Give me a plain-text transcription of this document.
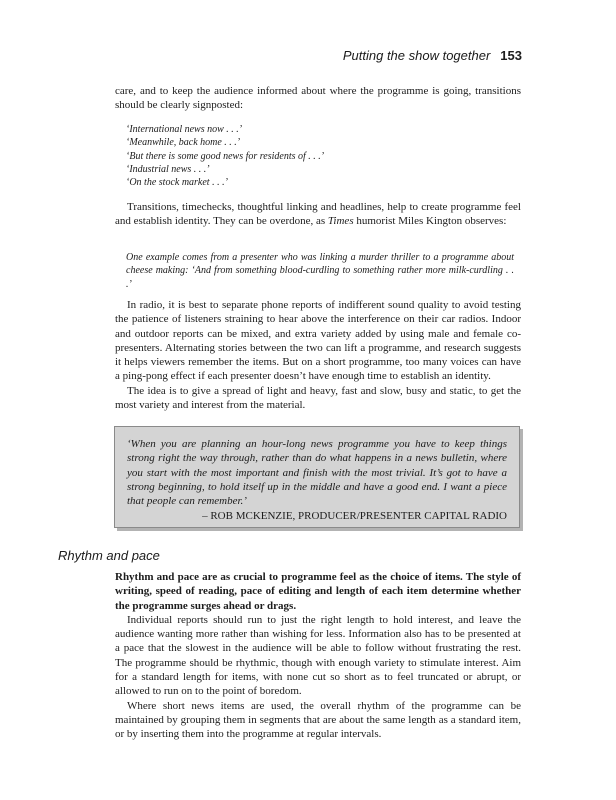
Putting the show together 153

care, and to keep the audience informed about where the programme is going, transitions should be clearly signposted:

‘International news now . . .’
‘Meanwhile, back home . . .’
‘But there is some good news for residents of . . .’
‘Industrial news . . .’
‘On the stock market . . .’

Transitions, timechecks, thoughtful linking and headlines, help to create programme feel and establish identity. They can be overdone, as Times humorist Miles Kington observes:

One example comes from a presenter who was linking a murder thriller to a programme about cheese making: ‘And from something blood-curdling to something rather more milk-curdling . . .’

In radio, it is best to separate phone reports of indifferent sound quality to avoid testing the patience of listeners straining to hear above the interference on their car radios. Indoor and outdoor reports can be mixed, and extra variety added by using male and female co-presenters. Alternating stories between the two can lift a programme, and research suggests it helps viewers remember the items. But on a short programme, too many voices can have a ping-pong effect if each presenter doesn’t have enough time to establish an identity.

The idea is to give a spread of light and heavy, fast and slow, busy and static, to get the most variety and interest from the material.

‘When you are planning an hour-long news programme you have to keep things strong right the way through, rather than do what happens in a news bulletin, where you start with the most important and finish with the most trivial. It’s got to have a strong beginning, to hold itself up in the middle and have a good end. I want a piece that people can remember.’
– ROB MCKENZIE, PRODUCER/PRESENTER CAPITAL RADIO
Rhythm and pace

Rhythm and pace are as crucial to programme feel as the choice of items. The style of writing, speed of reading, pace of editing and length of each item determine whether the programme surges ahead or drags.

Individual reports should run to just the right length to hold interest, and leave the audience wanting more rather than wishing for less. Information also has to be presented at a pace that the slowest in the audience will be able to follow without frustrating the rest. The programme should be rhythmic, though with enough variety to stimulate interest. Aim for a standard length for items, with none cut so short as to feel truncated or abrupt, or allowed to run on to the point of boredom.

Where short news items are used, the overall rhythm of the programme can be maintained by grouping them in segments that are about the same length as a standard item, or by inserting them into the programme at regular intervals.
